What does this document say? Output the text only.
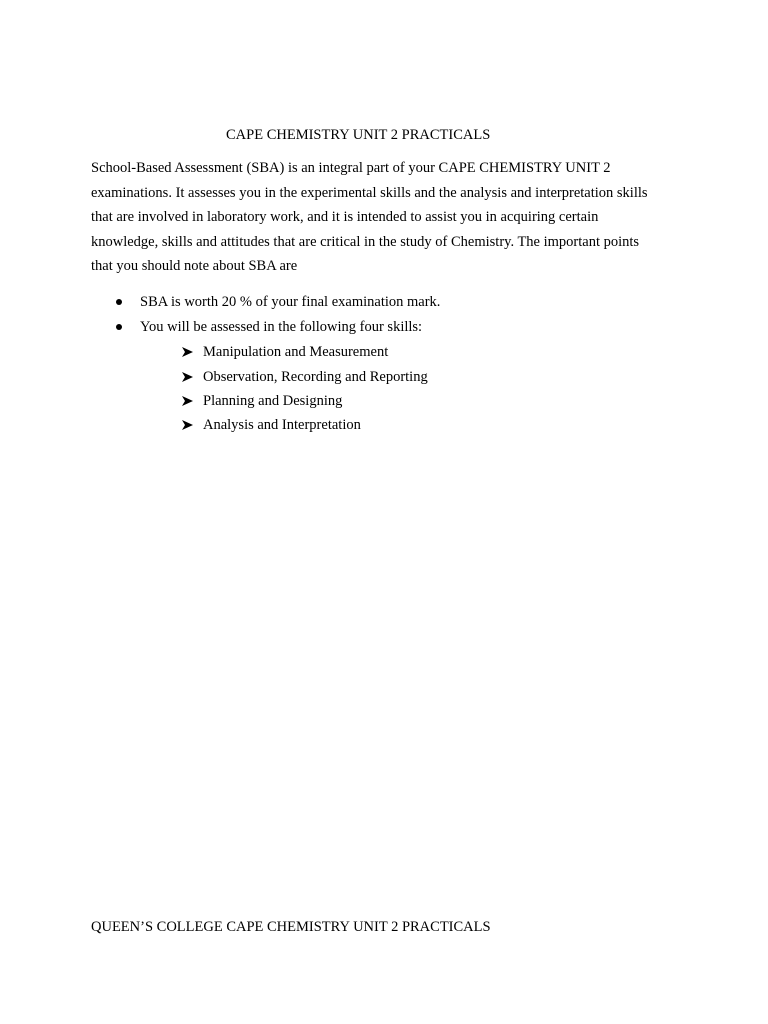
CAPE CHEMISTRY UNIT 2 PRACTICALS

School-Based Assessment (SBA) is an integral part of your CAPE CHEMISTRY UNIT 2
examinations. It assesses you in the experimental skills and the analysis and interpretation skills
that are involved in laboratory work, and it is intended to assist you in acquiring certain
knowledge, skills and attitudes that are critical in the study of Chemistry. The important points
that you should note about SBA are

SBA is worth 20 % of your final examination mark.
You will be assessed in the following four skills:
Manipulation and Measurement
Observation, Recording and Reporting
Planning and Designing
Analysis and Interpretation

QUEEN’S COLLEGE CAPE CHEMISTRY UNIT 2 PRACTICALS
